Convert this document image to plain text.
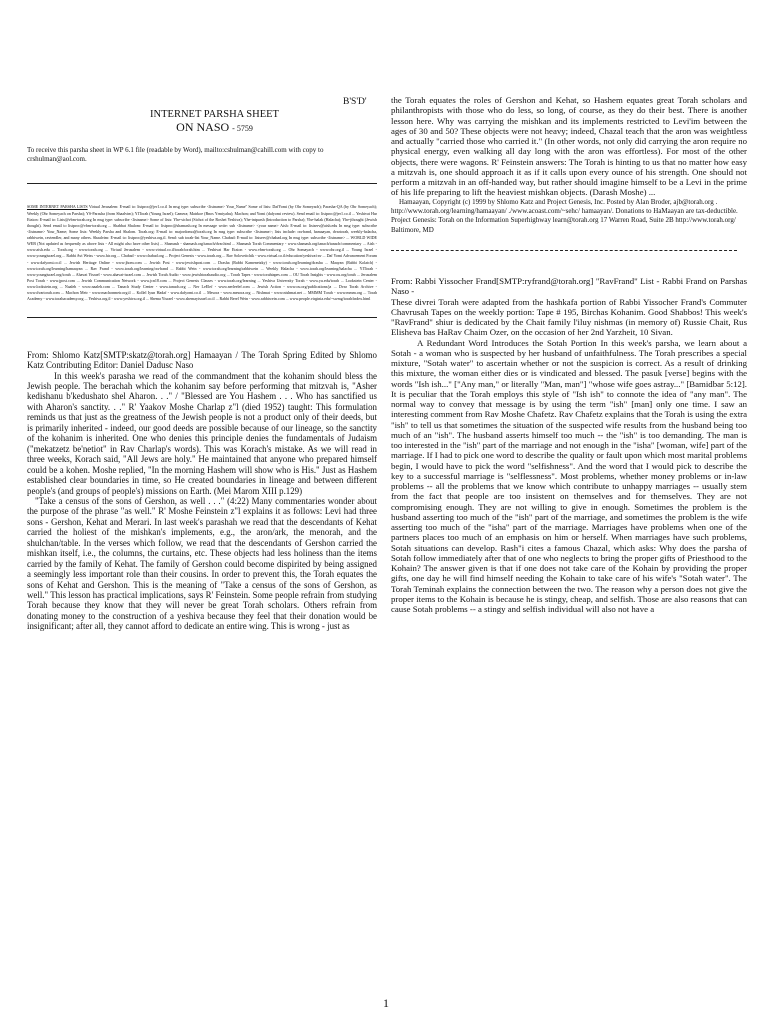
B'S'D'
INTERNET PARSHA SHEET
ON NASO - 5759
To receive this parsha sheet in WP 6.1 file (readable by Word), mailto:cshulman@cahill.com with copy to crshulman@aol.com.
SOME INTERNET PARSHA LISTS Virtual Jerusalem: E-mail to: listproc@jer1.co.il In msg type: subscribe <listname> Your_Name" Some of lists: DafYomi (by Ohr Someyach); Parasha-QA (by Ohr Someyach); Weekly (Ohr Someyach on Parsha); YS-Parasha (from Shaalvim); YITorah (Young Israel); Camera; Matrkoe (Bnos Yrmiyahu); Machon; and Yomi (dafyomi review). Send email to: listproc@jer1.co.il ... Yeshivat Har Etzion: E-mail to: Lists@vbm-torah.org In msg type: subscribe <listname> Some of lists: Yhe-sichot (Sichot of the Roshei Yeshiva); Yhe-intparsh (Introduction to Parsha); Yhe-halak (Halacha); Yhe-jthought (Jewish thought). Send email to listproc@vbm-torah.org ... Shabbat Shalom: E-mail to: listproc@shamash.org In message write: sub <listname> <your name> Aish: E-mail to: listserv@aish.edu In msg type: subscribe <listname> Your_Name; Some lists: Weekly Parsha and Shalom. Torah.org: E-mail to: majordomo@torah.org In msg type: subscribe <listname>; lists include: ravfrand, hamaayan, dvartorah, weekly-halacha, rabbiwein, ravtendler, and many others. Shaalvim: E-mail to: listproc@yeshiva.org.il. Send: sub torah-list Your_Name. Chabad: E-mail to: listserv@chabad.org In msg type: subscribe <listname> ... WORLD WIDE WEB (Not updated as frequently as above lists - All might also have other lists) ... Shamash - shamash.org/tanach/dvar.html ... Shamash Torah Commentary - www.shamash.org/tanach/tanach/commentary ... Aish - www.aish.edu ... Torah.org - www.torah.org ... Virtual Jerusalem - www.virtual.co.il/torah/torah.htm ... Yeshivat Har Etzion - www.vbm-torah.org ... Ohr Somayach - www.ohr.org.il ... Young Israel - www.youngisrael.org ... Rabbi Avi Weiss - www.hir.org ... Chabad - www.chabad.org ... Project Genesis - www.torah.org ... Rav Soloveitchik - www.virtual.co.il/education/yeshiva/rav ... Daf Yomi Advancement Forum - www.dafyomi.co.il ... Jewish Heritage Online - www.jhom.com ... Jewish Post - www.jewishpost.com ... Drasha (Rabbi Kamenetzky) - www.torah.org/learning/drasha ... Maayan (Rabbi Kolatch) - www.torah.org/learning/hamaayan ... Rav Frand - www.torah.org/learning/ravfrand ... Rabbi Wein - www.torah.org/learning/rabbiwein ... Weekly Halacha - www.torah.org/learning/halacha ... YITorah - www.youngisrael.org/torah ... Ahavat Yisrael - www.ahavat-israel.com ... Jewish Torah Audio - www.jewishtorahaudio.org ... Torah Tapes - www.torahtapes.com ... OU Torah Insights - www.ou.org/torah ... Jerusalem Post Torah - www.jpost.com ... Jewish Communication Network - www.jcn18.com ... Project Genesis Classes - www.torah.org/learning ... Yeshiva University Torah - www.yu.edu/torah ... Lookstein Center - www.lookstein.org ... Naaleh - www.naaleh.com ... Tanach Study Center - www.tanach.org ... Ner LeElef - www.nerleelef.com ... Jewish Action - www.ou.org/publications/ja ... Dvar Torah Archive - www.dvartorah.com ... Machon Meir - www.machonmeir.org.il ... Kollel Iyun Hadaf - www.dafyomi.co.il ... Mesora - www.mesora.org ... Nishmat - www.nishmat.net ... MMMM Torah - www.mmm.org ... Torah Academy - www.torahacademy.org ... Yeshiva.org.il - www.yeshiva.org.il ... Shema Yisrael - www.shemayisrael.co.il ... Rabbi Berel Wein - www.rabbiwein.com ... www.people.virginia.edu/~swmg/torah/index.html
From: Shlomo Katz[SMTP:skatz@torah.org] Hamaayan / The Torah Spring Edited by Shlomo Katz Contributing Editor: Daniel Dadusc Naso
In this week's parasha we read of the commandment that the kohanim should bless the Jewish people. The berachah which the kohanim say before performing that mitzvah is, "Asher kedishanu b'kedushato shel Aharon. . ." / "Blessed are You Hashem . . . Who has sanctified us with Aharon's sanctity. . ." R' Yaakov Moshe Charlap z"l (died 1952) taught: This formulation reminds us that just as the greatness of the Jewish people is not a product only of their deeds, but is primarily inherited - indeed, our good deeds are possible because of our lineage, so the sanctity of the kohanim is inherited. One who denies this principle denies the fundamentals of Judaism ("mekatzetz be'netiot" in Rav Charlap's words). This was Korach's mistake. As we will read in three weeks, Korach said, "All Jews are holy." He maintained that anyone who prepared himself could be a kohen. Moshe replied, "In the morning Hashem will show who is His." Just as Hashem established clear boundaries in time, so He created boundaries in lineage and between different people's (and groups of people's) missions on Earth. (Mei Marom XIII p.129)
"Take a census of the sons of Gershon, as well . . ." (4:22) Many commentaries wonder about the purpose of the phrase "as well." R' Moshe Feinstein z"l explains it as follows: Levi had three sons - Gershon, Kehat and Merari. In last week's parashah we read that the descendants of Kehat carried the holiest of the mishkan's implements, e.g., the aron/ark, the menorah, and the shulchan/table. In the verses which follow, we read that the descendants of Gershon carried the mishkan itself, i.e., the columns, the curtains, etc. These objects had less holiness than the items carried by the family of Kehat. The family of Gershon could become dispirited by being assigned a seemingly less important role than their cousins. In order to prevent this, the Torah equates the sons of Kehat and Gershon. This is the meaning of "Take a census of the sons of Gershon, as well." This lesson has practical implications, says R' Feinstein. Some people refrain from studying Torah because they know that they will never be great Torah scholars. Others refrain from donating money to the construction of a yeshiva because they feel that their donation would be insignificant; after all, they cannot afford to dedicate an entire wing. This is wrong - just as
the Torah equates the roles of Gershon and Kehat, so Hashem equates great Torah scholars and philanthropists with those who do less, so long, of course, as they do their best. There is another lesson here. Why was carrying the mishkan and its implements restricted to Levi'im between the ages of 30 and 50? These objects were not heavy; indeed, Chazal teach that the aron was weightless and actually "carried those who carried it." (In other words, not only did carrying the aron require no physical energy, even walking all day long with the aron was effortless). For most of the other objects, there were wagons. R' Feinstein answers: The Torah is hinting to us that no matter how easy a mitzvah is, one should approach it as if it calls upon every ounce of his strength. One should not perform a mitzvah in an off-handed way, but rather should imagine himself to be a Levi in the prime of his life preparing to lift the heaviest mishkan objects. (Darash Moshe) ...
Hamaayan, Copyright (c) 1999 by Shlomo Katz and Project Genesis, Inc. Posted by Alan Broder, ajb@torah.org . http://www.torah.org/learning/hamaayan/ ./www.acoast.com/~sehc/ hamaayan/. Donations to HaMaayan are tax-deductible. Project Genesis: Torah on the Information Superhighway learn@torah.org 17 Warren Road, Suite 2B http://www.torah.org/ Baltimore, MD
From: Rabbi Yissocher Frand[SMTP:ryfrand@torah.org] "RavFrand" List - Rabbi Frand on Parshas Naso -
These divrei Torah were adapted from the hashkafa portion of Rabbi Yissocher Frand's Commuter Chavrusah Tapes on the weekly portion: Tape # 195, Birchas Kohanim. Good Shabbos! This week's "RavFrand" shiur is dedicated by the Chait family l'iluy nishmas (in memory of) Russie Chait, Rus Elisheva bas HaRav Chaim Ozer, on the occasion of her 2nd Yarzheit, 10 Sivan.
A Redundant Word Introduces the Sotah Portion In this week's parsha, we learn about a Sotah - a woman who is suspected by her husband of unfaithfulness. The Torah prescribes a special mixture, "Sotah water" to ascertain whether or not the suspicion is correct. As a result of drinking this mixture, the woman either dies or is vindicated and blessed. The pasuk [verse] begins with the words "Ish ish..." ["Any man," or literally "Man, man"] "whose wife goes astray..." [Bamidbar 5:12]. It is peculiar that the Torah employs this style of "Ish ish" to connote the idea of "any man". The normal way to convey that message is by using the term "ish" [man] only one time. I saw an interesting comment from Rav Moshe Chafetz. Rav Chafetz explains that the Torah is using the extra "ish" to tell us that sometimes the situation of the suspected wife results from the husband being too much of an "ish". The husband asserts himself too much -- the "ish" is too demanding. The man is too interested in the "ish" part of the marriage and not enough in the "isha" [woman, wife] part of the marriage. If I had to pick one word to describe the quality or fault upon which most marital problems begin, I would have to pick the word "selfishness". And the word that I would pick to describe the key to a successful marriage is "selflessness". Most problems, whether money problems or in-law problems -- all the problems that we know which contribute to unhappy marriages -- usually stem from the fact that people are too insistent on themselves and for themselves. They are not compromising enough. They are not willing to give in enough. Sometimes the problem is the husband asserting too much of the "ish" part of the marriage, and sometimes the problem is the wife asserting too much of the "isha" part of the marriage. Marriages have problems when one of the partners places too much of an emphasis on him or herself. When marriages have such problems, Sotah situations can develop. Rash"i cites a famous Chazal, which asks: Why does the parsha of Sotah follow immediately after that of one who neglects to bring the proper gifts of Priesthood to the Kohain? The answer given is that if one does not take care of the Kohain by providing the proper gifts, one day he will find himself needing the Kohain to take care of his wife's "Sotah water". The Torah Teminah explains the connection between the two. The reason why a person does not give the proper items to the Kohain is because he is stingy, cheap, and selfish. Those are also reasons that can cause Sotah problems -- a stingy and selfish individual will also not have a
1
